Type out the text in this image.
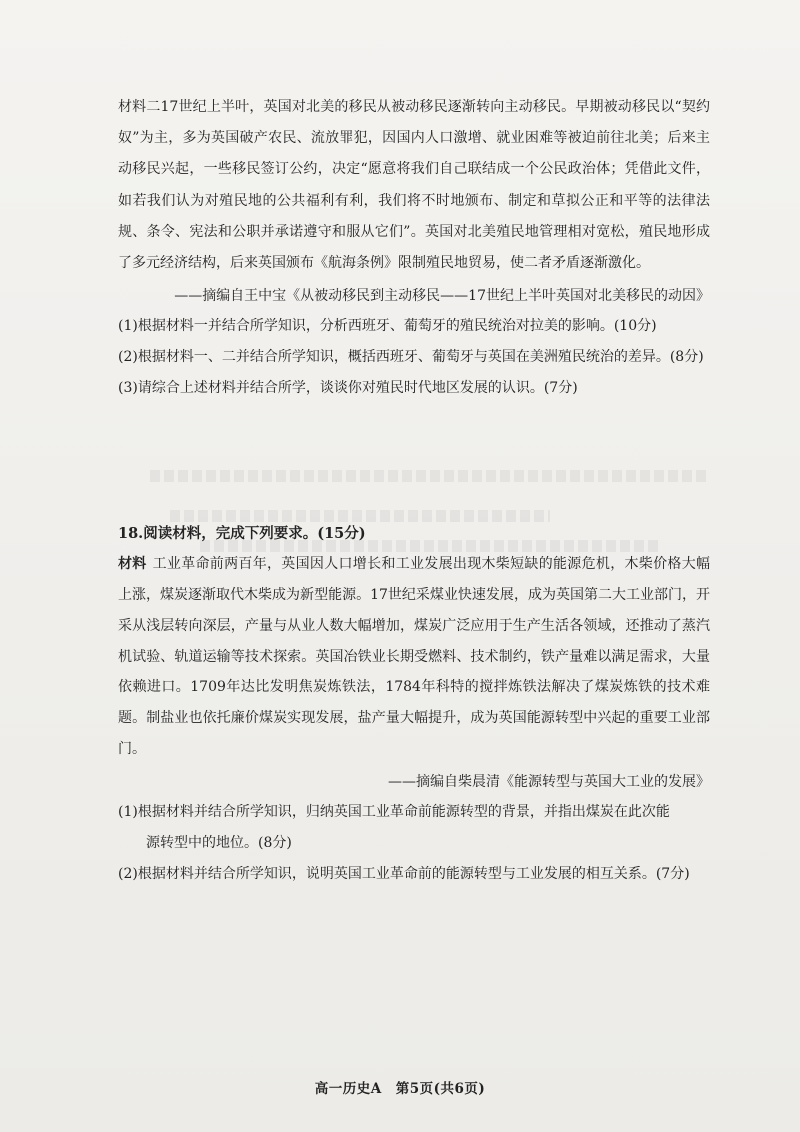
材料二17世纪上半叶，英国对北美的移民从被动移民逐渐转向主动移民。早期被动移民以“契约奴”为主，多为英国破产农民、流放罪犯，因国内人口激增、就业困难等被迫前往北美；后来主动移民兴起，一些移民签订公约，决定“愿意将我们自己联结成一个公民政治体；凭借此文件，如若我们认为对殖民地的公共福利有利，我们将不时地颁布、制定和草拟公正和平等的法律法规、条令、宪法和公职并承诺遵守和服从它们”。英国对北美殖民地管理相对宽松，殖民地形成了多元经济结构，后来英国颁布《航海条例》限制殖民地贸易，使二者矛盾逐渐激化。

——摘编自王中宝《从被动移民到主动移民——17世纪上半叶英国对北美移民的动因》

(1)根据材料一并结合所学知识，分析西班牙、葡萄牙的殖民统治对拉美的影响。(10分)

(2)根据材料一、二并结合所学知识，概括西班牙、葡萄牙与英国在美洲殖民统治的差异。(8分)

(3)请综合上述材料并结合所学，谈谈你对殖民时代地区发展的认识。(7分)

18.阅读材料，完成下列要求。(15分)

材料 工业革命前两百年，英国因人口增长和工业发展出现木柴短缺的能源危机，木柴价格大幅上涨，煤炭逐渐取代木柴成为新型能源。17世纪采煤业快速发展，成为英国第二大工业部门，开采从浅层转向深层，产量与从业人数大幅增加，煤炭广泛应用于生产生活各领域，还推动了蒸汽机试验、轨道运输等技术探索。英国冶铁业长期受燃料、技术制约，铁产量难以满足需求，大量依赖进口。1709年达比发明焦炭炼铁法，1784年科特的搅拌炼铁法解决了煤炭炼铁的技术难题。制盐业也依托廉价煤炭实现发展，盐产量大幅提升，成为英国能源转型中兴起的重要工业部门。

——摘编自柴晨清《能源转型与英国大工业的发展》

(1)根据材料并结合所学知识，归纳英国工业革命前能源转型的背景，并指出煤炭在此次能

源转型中的地位。(8分)

(2)根据材料并结合所学知识，说明英国工业革命前的能源转型与工业发展的相互关系。(7分)

高一历史A　第5页(共6页)
